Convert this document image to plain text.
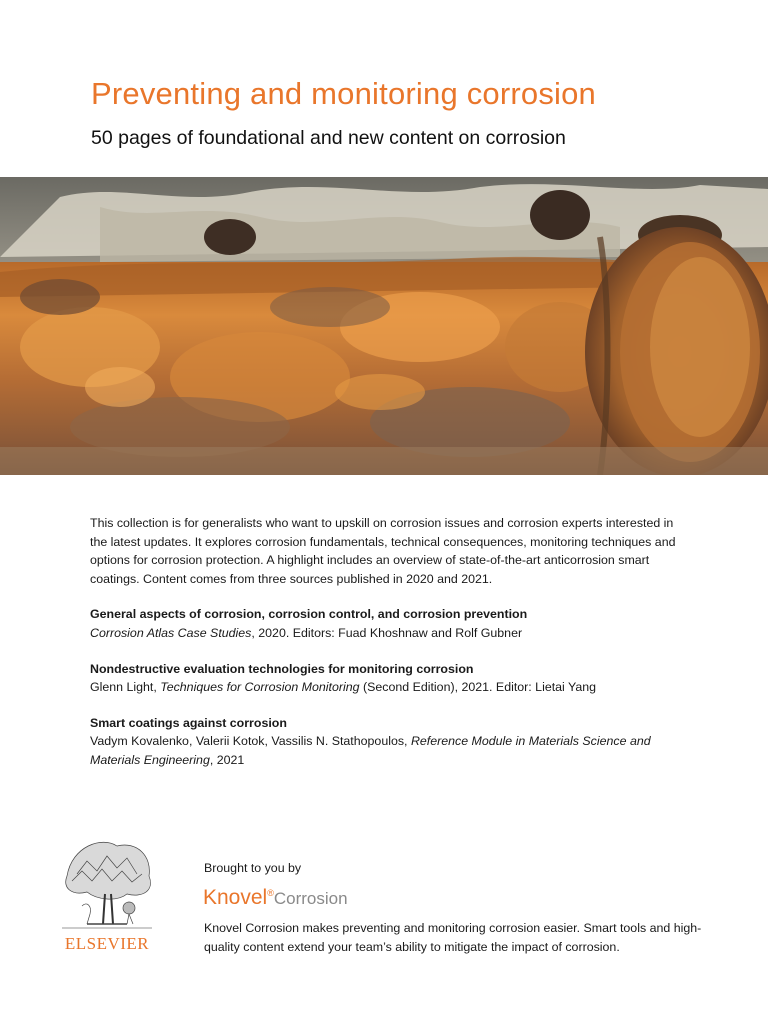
Preventing and monitoring corrosion
50 pages of foundational and new content on corrosion

This collection is for generalists who want to upskill on corrosion issues and corrosion experts interested in the latest updates. It explores corrosion fundamentals, technical consequences, monitoring techniques and options for corrosion protection. A highlight includes an overview of state-of-the-art anticorrosion smart coatings. Content comes from three sources published in 2020 and 2021.

General aspects of corrosion, corrosion control, and corrosion prevention
Corrosion Atlas Case Studies, 2020. Editors: Fuad Khoshnaw and Rolf Gubner
Nondestructive evaluation technologies for monitoring corrosion
Glenn Light, Techniques for Corrosion Monitoring (Second Edition), 2021. Editor: Lietai Yang
Smart coatings against corrosion
Vadym Kovalenko, Valerii Kotok, Vassilis N. Stathopoulos, Reference Module in Materials Science and Materials Engineering, 2021
ELSEVIER
Brought to you by
Knovel®Corrosion
Knovel Corrosion makes preventing and monitoring corrosion easier. Smart tools and high-quality content extend your team’s ability to mitigate the impact of corrosion.
